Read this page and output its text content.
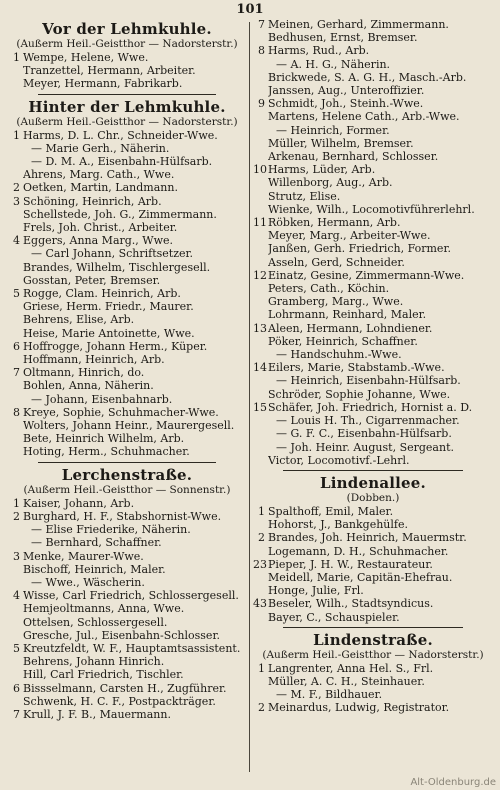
101
Vor der Lehmkuhle.
(Außerm Heil.-Geistthor — Nadorsterstr.)
1 Wempe, Helene, Wwe.
Tranzettel, Hermann, Arbeiter.
Meyer, Hermann, Fabrikarb.
Hinter der Lehmkuhle.
(Außerm Heil.-Geistthor — Nadorsterstr.)
1 Harms, D. L. Chr., Schneider-Wwe.
— Marie Gerh., Näherin.
— D. M. A., Eisenbahn-Hülfsarb.
Ahrens, Marg. Cath., Wwe.
2 Oetken, Martin, Landmann.
3 Schöning, Heinrich, Arb.
Schellstede, Joh. G., Zimmermann.
Frels, Joh. Christ., Arbeiter.
4 Eggers, Anna Marg., Wwe.
— Carl Johann, Schriftsetzer.
Brandes, Wilhelm, Tischlergesell.
Gosstan, Peter, Bremser.
5 Rogge, Clam. Heinrich, Arb.
Griese, Herm. Friedr., Maurer.
Behrens, Elise, Arb.
Heise, Marie Antoinette, Wwe.
6 Hoffrogge, Johann Herm., Küper.
Hoffmann, Heinrich, Arb.
7 Oltmann, Hinrich, do.
Bohlen, Anna, Näherin.
— Johann, Eisenbahnarb.
8 Kreye, Sophie, Schuhmacher-Wwe.
Wolters, Johann Heinr., Maurergesell.
Bete, Heinrich Wilhelm, Arb.
Hoting, Herm., Schuhmacher.
Lerchenstraße.
(Außerm Heil.-Geistthor — Sonnenstr.)
1 Kaiser, Johann, Arb.
2 Burghard, H. F., Stabshornist-Wwe.
— Elise Friederike, Näherin.
— Bernhard, Schaffner.
3 Menke, Maurer-Wwe.
Bischoff, Heinrich, Maler.
— Wwe., Wäscherin.
4 Wisse, Carl Friedrich, Schlossergesell.
Hemjeoltmanns, Anna, Wwe.
Ottelsen, Schlossergesell.
Gresche, Jul., Eisenbahn-Schlosser.
5 Kreutzfeldt, W. F., Hauptamtsassistent.
Behrens, Johann Hinrich.
Hill, Carl Friedrich, Tischler.
6 Bissselmann, Carsten H., Zugführer.
Schwenk, H. C. F., Postpackträger.
7 Krull, J. F. B., Mauermann.
7 Meinen, Gerhard, Zimmermann.
Bedhusen, Ernst, Bremser.
8 Harms, Rud., Arb.
— A. H. G., Näherin.
Brickwede, S. A. G. H., Masch.-Arb.
Janssen, Aug., Unteroffizier.
9 Schmidt, Joh., Steinh.-Wwe.
Martens, Helene Cath., Arb.-Wwe.
— Heinrich, Former.
Müller, Wilhelm, Bremser.
Arkenau, Bernhard, Schlosser.
10 Harms, Lüder, Arb.
Willenborg, Aug., Arb.
Strutz, Elise.
Wienke, Wilh., Locomotivführerlehrl.
11 Röbken, Hermann, Arb.
Meyer, Marg., Arbeiter-Wwe.
Janßen, Gerh. Friedrich, Former.
Asseln, Gerd, Schneider.
12 Einatz, Gesine, Zimmermann-Wwe.
Peters, Cath., Köchin.
Gramberg, Marg., Wwe.
Lohrmann, Reinhard, Maler.
13 Aleen, Hermann, Lohndiener.
Pöker, Heinrich, Schaffner.
— Handschuhm.-Wwe.
14 Eilers, Marie, Stabstamb.-Wwe.
— Heinrich, Eisenbahn-Hülfsarb.
Schröder, Sophie Johanne, Wwe.
15 Schäfer, Joh. Friedrich, Hornist a. D.
— Louis H. Th., Cigarrenmacher.
— G. F. C., Eisenbahn-Hülfsarb.
— Joh. Heinr. August, Sergeant.
Victor, Locomotivf.-Lehrl.
Lindenallee.
(Dobben.)
1 Spalthoff, Emil, Maler.
Hohorst, J., Bankgehülfe.
2 Brandes, Joh. Heinrich, Mauermstr.
Logemann, D. H., Schuhmacher.
23 Pieper, J. H. W., Restaurateur.
Meidell, Marie, Capitän-Ehefrau.
Honge, Julie, Frl.
43 Beseler, Wilh., Stadtsyndicus.
Bayer, C., Schauspieler.
Lindenstraße.
(Außerm Heil.-Geistthor — Nadorsterstr.)
1 Langrenter, Anna Hel. S., Frl.
Müller, A. C. H., Steinhauer.
— M. F., Bildhauer.
2 Meinardus, Ludwig, Registrator.
Alt-Oldenburg.de
